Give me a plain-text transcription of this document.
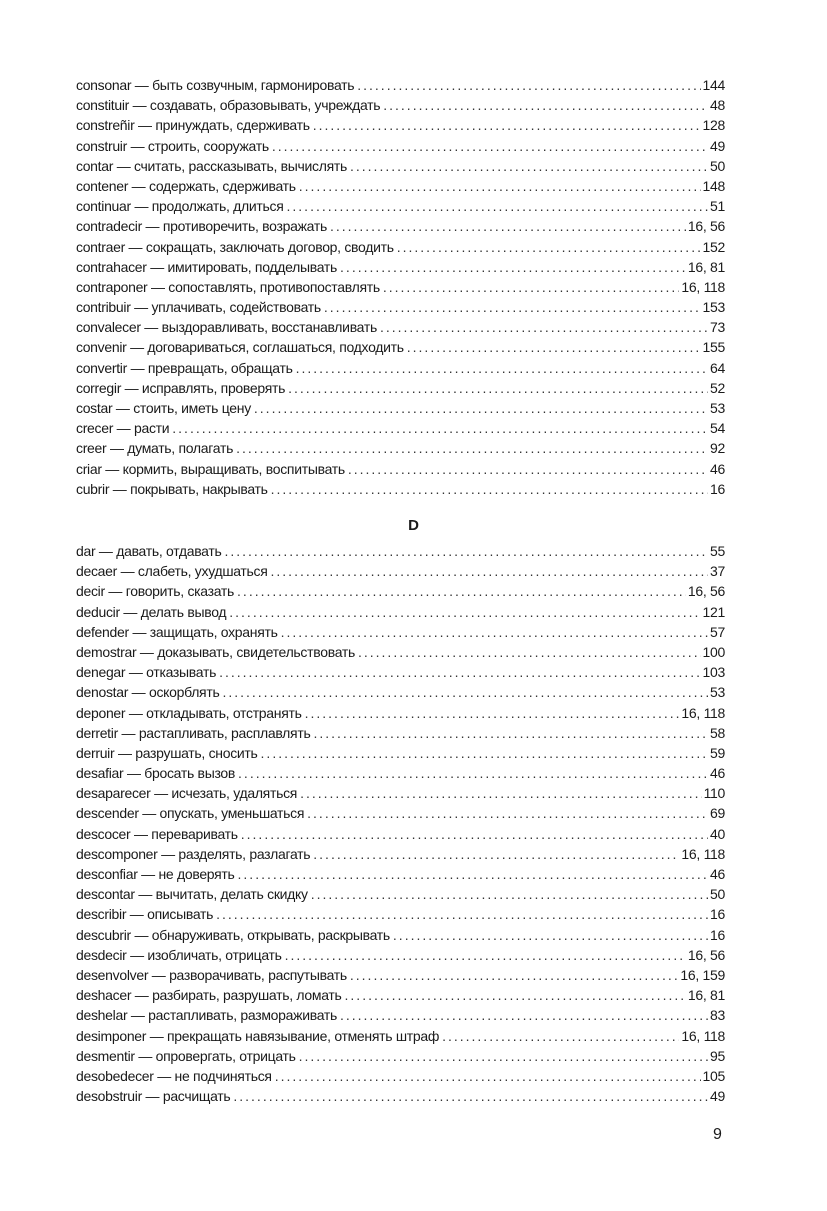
consonar — быть созвучным, гармонировать .....	144
constituir — создавать, образовывать, учреждать .....	48
constreñir — принуждать, сдерживать .....	128
construir — строить, сооружать .....	49
contar — считать, рассказывать, вычислять .....	50
contener — содержать, сдерживать .....	148
continuar — продолжать, длиться .....	51
contradecir — противоречить, возражать .....	16, 56
contraer — сокращать, заключать договор, сводить .....	152
contrahacer — имитировать, подделывать .....	16, 81
contraponer — сопоставлять, противопоставлять .....	16, 118
contribuir — уплачивать, содействовать .....	153
convalecer — выздоравливать, восстанавливать .....	73
convenir — договариваться, соглашаться, подходить .....	155
convertir — превращать, обращать .....	64
corregir — исправлять, проверять .....	52
costar — стоить, иметь цену .....	53
crecer — расти .....	54
creer — думать, полагать .....	92
criar — кормить, выращивать, воспитывать .....	46
cubrir — покрывать, накрывать .....	16
D
dar — давать, отдавать .....	55
decaer — слабеть, ухудшаться .....	37
decir — говорить, сказать .....	16, 56
deducir — делать вывод .....	121
defender — защищать, охранять .....	57
demostrar — доказывать, свидетельствовать .....	100
denegar — отказывать .....	103
denostar — оскорблять .....	53
deponer — откладывать, отстранять .....	16, 118
derretir — растапливать, расплавлять .....	58
derruir — разрушать, сносить .....	59
desafiar — бросать вызов .....	46
desaparecer — исчезать, удаляться .....	110
descender — опускать, уменьшаться .....	69
descocer — переваривать .....	40
descomponer — разделять, разлагать .....	16, 118
desconfiar — не доверять .....	46
descontar — вычитать, делать скидку .....	50
describir — описывать .....	16
descubrir — обнаруживать, открывать, раскрывать .....	16
desdecir — изобличать, отрицать .....	16, 56
desenvolver — разворачивать, распутывать .....	16, 159
deshacer — разбирать, разрушать, ломать .....	16, 81
deshelar — растапливать, размораживать .....	83
desimponer — прекращать навязывание, отменять штраф .....	16, 118
desmentir — опровергать, отрицать .....	95
desobedecer — не подчиняться .....	105
desobstruir — расчищать .....	49
9
